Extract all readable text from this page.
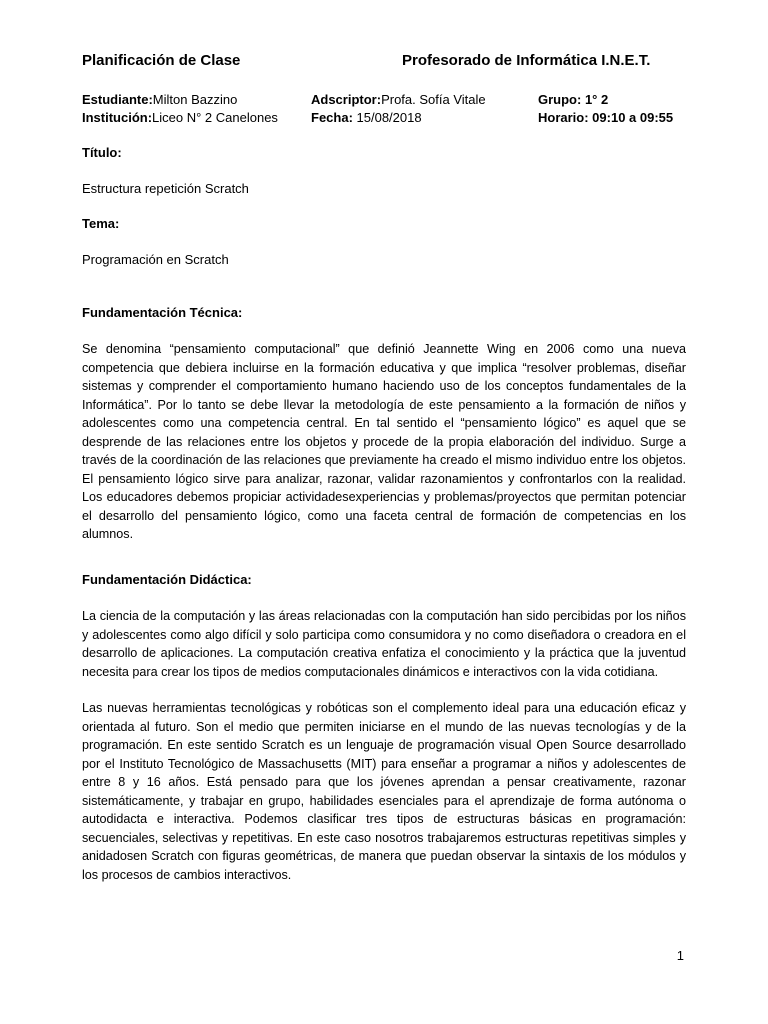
Planificación de Clase	Profesorado de Informática I.N.E.T.
Estudiante:Milton Bazzino	Adscriptor:Profa. Sofía Vitale	Grupo: 1° 2
Institución:Liceo N° 2 Canelones	Fecha: 15/08/2018	Horario: 09:10 a 09:55
Título:
Estructura repetición Scratch
Tema:
Programación en Scratch
Fundamentación Técnica:

Se denomina “pensamiento computacional” que definió Jeannette Wing en 2006 como una nueva competencia que debiera incluirse en la formación educativa y que implica “resolver problemas, diseñar sistemas y comprender el comportamiento humano haciendo uso de los conceptos fundamentales de la Informática”. Por lo tanto se debe llevar la metodología de este pensamiento a la formación de niños y adolescentes como una competencia central. En tal sentido el “pensamiento lógico” es aquel que se desprende de las relaciones entre los objetos y procede de la propia elaboración del individuo. Surge a través de la coordinación de las relaciones que previamente ha creado el mismo individuo entre los objetos. El pensamiento lógico sirve para analizar, razonar, validar razonamientos y confrontarlos con la realidad. Los educadores debemos propiciar actividadesexperiencias y problemas/proyectos que permitan potenciar el desarrollo del pensamiento lógico, como una faceta central de formación de competencias en los alumnos.

Fundamentación Didáctica:

La ciencia de la computación y las áreas relacionadas con la computación han sido percibidas por los niños y adolescentes como algo difícil y solo participa como consumidora y no como diseñadora o creadora en el desarrollo de aplicaciones. La computación creativa enfatiza el conocimiento y la práctica que la juventud necesita para crear los tipos de medios computacionales dinámicos e interactivos con la vida cotidiana.

Las nuevas herramientas tecnológicas y robóticas son el complemento ideal para una educación eficaz y orientada al futuro. Son el medio que permiten iniciarse en el mundo de las nuevas tecnologías y de la programación. En este sentido Scratch es un lenguaje de programación visual Open Source desarrollado por el Instituto Tecnológico de Massachusetts (MIT) para enseñar a programar a niños y adolescentes de entre 8 y 16 años. Está pensado para que los jóvenes aprendan a pensar creativamente, razonar sistemáticamente, y trabajar en grupo, habilidades esenciales para el aprendizaje de forma autónoma o autodidacta e interactiva. Podemos clasificar tres tipos de estructuras básicas en programación: secuenciales, selectivas y repetitivas. En este caso nosotros trabajaremos estructuras repetitivas simples y anidadosen Scratch con figuras geométricas, de manera que puedan observar la sintaxis de los módulos y los procesos de cambios interactivos.

1
